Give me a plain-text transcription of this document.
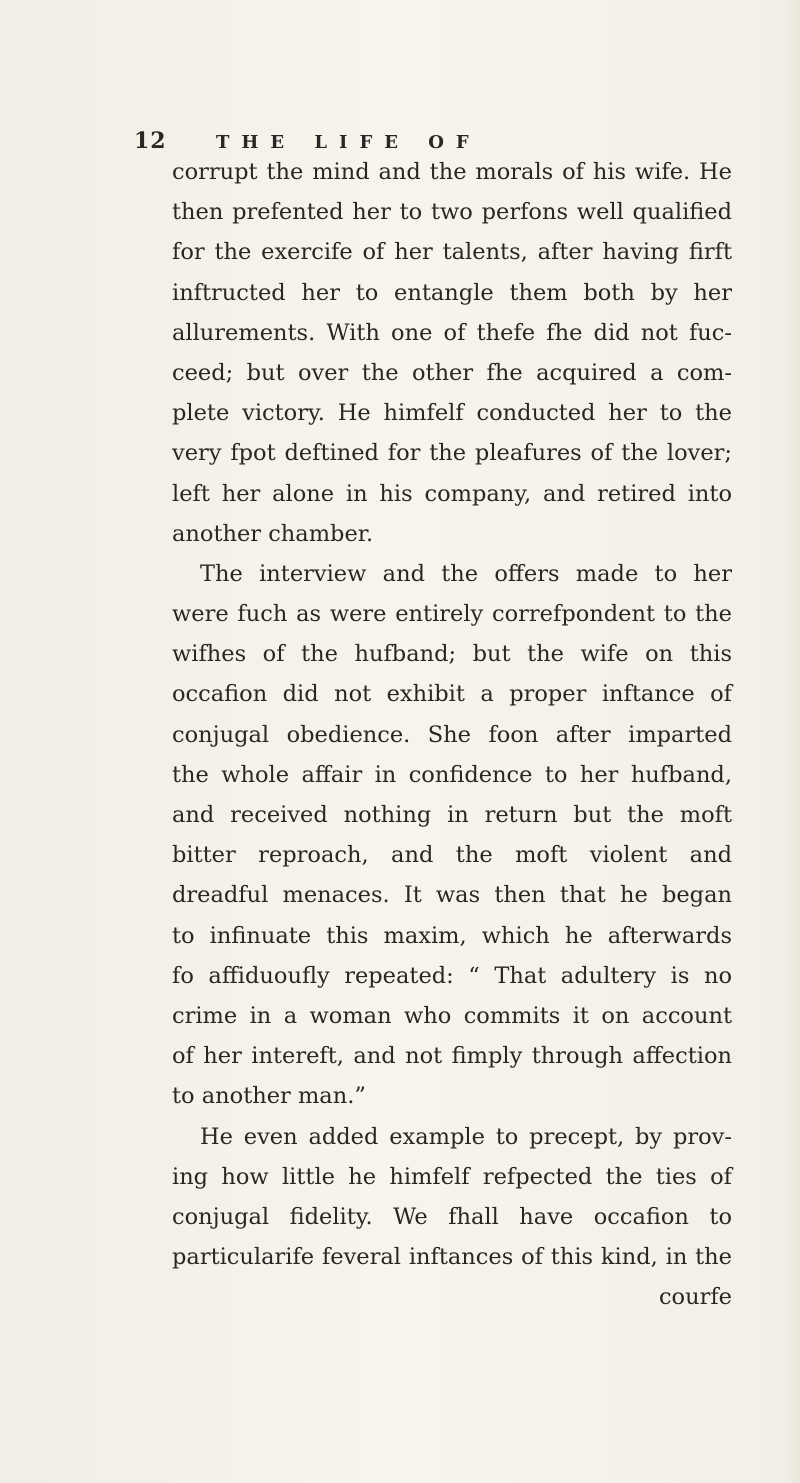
12	THE LIFE OF
corrupt the mind and the morals of his wife. He
then prefented her to two perfons well qualified
for the exercife of her talents, after having firft
inftructed her to entangle them both by her
allurements. With one of thefe fhe did not fuc-
ceed; but over the other fhe acquired a com-
plete victory. He himfelf conducted her to the
very fpot deftined for the pleafures of the lover;
left her alone in his company, and retired into
another chamber.
The interview and the offers made to her
were fuch as were entirely correfpondent to the
wifhes of the hufband; but the wife on this
occafion did not exhibit a proper inftance of
conjugal obedience. She foon after imparted
the whole affair in confidence to her hufband,
and received nothing in return but the moft
bitter reproach, and the moft violent and
dreadful menaces. It was then that he began
to infinuate this maxim, which he afterwards
fo affiduoufly repeated: “ That adultery is no
crime in a woman who commits it on account
of her intereft, and not fimply through affection
to another man.”
He even added example to precept, by prov-
ing how little he himfelf refpected the ties of
conjugal fidelity. We fhall have occafion to
particularife feveral inftances of this kind, in the
courfe
